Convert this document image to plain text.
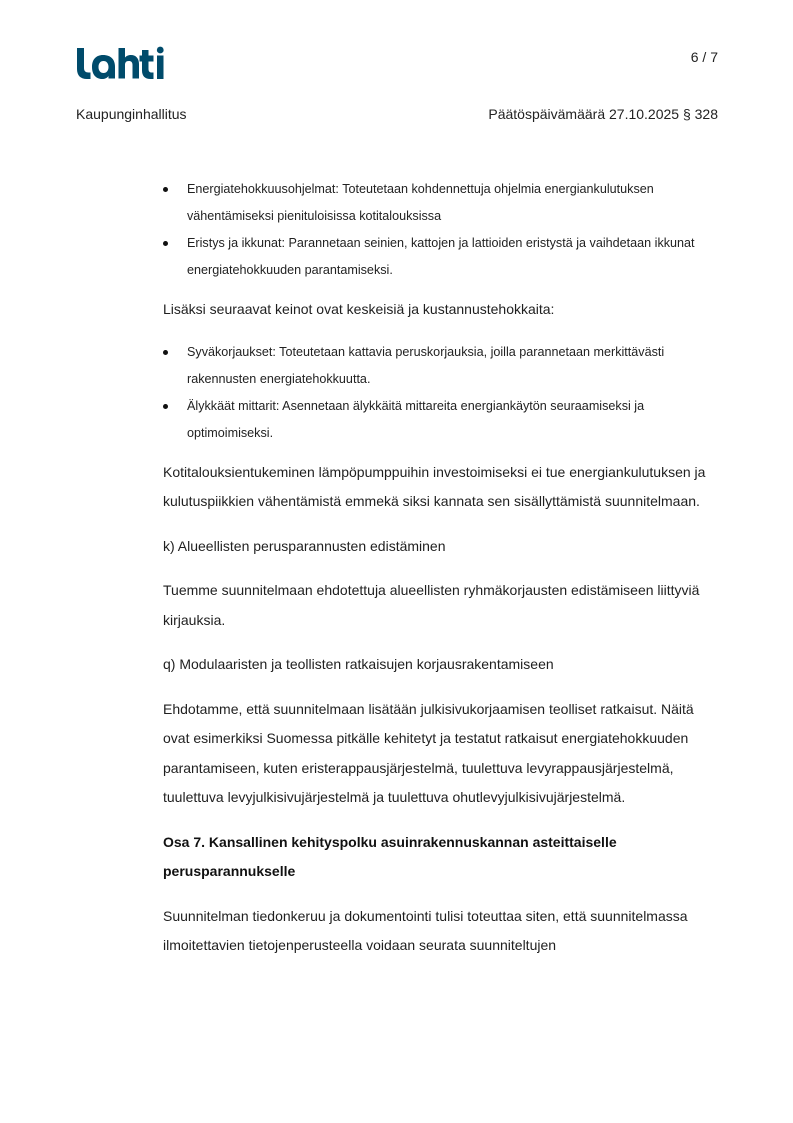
6 / 7
Kaupunginhallitus	Päätöspäivämäärä 27.10.2025 § 328
Energiatehokkuusohjelmat: Toteutetaan kohdennettuja ohjelmia energiankulutuksen vähentämiseksi pienituloisissa kotitalouksissa
Eristys ja ikkunat: Parannetaan seinien, kattojen ja lattioiden eristystä ja vaihdetaan ikkunat energiatehokkuuden parantamiseksi.

Lisäksi seuraavat keinot ovat keskeisiä ja kustannustehokkaita:

Syväkorjaukset: Toteutetaan kattavia peruskorjauksia, joilla parannetaan merkittävästi rakennusten energiatehokkuutta.
Älykkäät mittarit: Asennetaan älykkäitä mittareita energiankäytön seuraamiseksi ja optimoimiseksi.

Kotitalouksientukeminen lämpöpumppuihin investoimiseksi ei tue energiankulutuksen ja kulutuspiikkien vähentämistä emmekä siksi kannata sen sisällyttämistä suunnitelmaan.

k) Alueellisten perusparannusten edistäminen

Tuemme suunnitelmaan ehdotettuja alueellisten ryhmäkorjausten edistämiseen liittyviä kirjauksia.

q) Modulaaristen ja teollisten ratkaisujen korjausrakentamiseen

Ehdotamme, että suunnitelmaan lisätään julkisivukorjaamisen teolliset ratkaisut. Näitä ovat esimerkiksi Suomessa pitkälle kehitetyt ja testatut ratkaisut energiatehokkuuden parantamiseen, kuten eristerappausjärjestelmä, tuulettuva levyrappausjärjestelmä, tuulettuva levyjulkisivujärjestelmä ja tuulettuva ohutlevyjulkisivujärjestelmä.

Osa 7. Kansallinen kehityspolku asuinrakennuskannan asteittaiselle perusparannukselle

Suunnitelman tiedonkeruu ja dokumentointi tulisi toteuttaa siten, että suunnitelmassa ilmoitettavien tietojenperusteella voidaan seurata suunniteltujen
